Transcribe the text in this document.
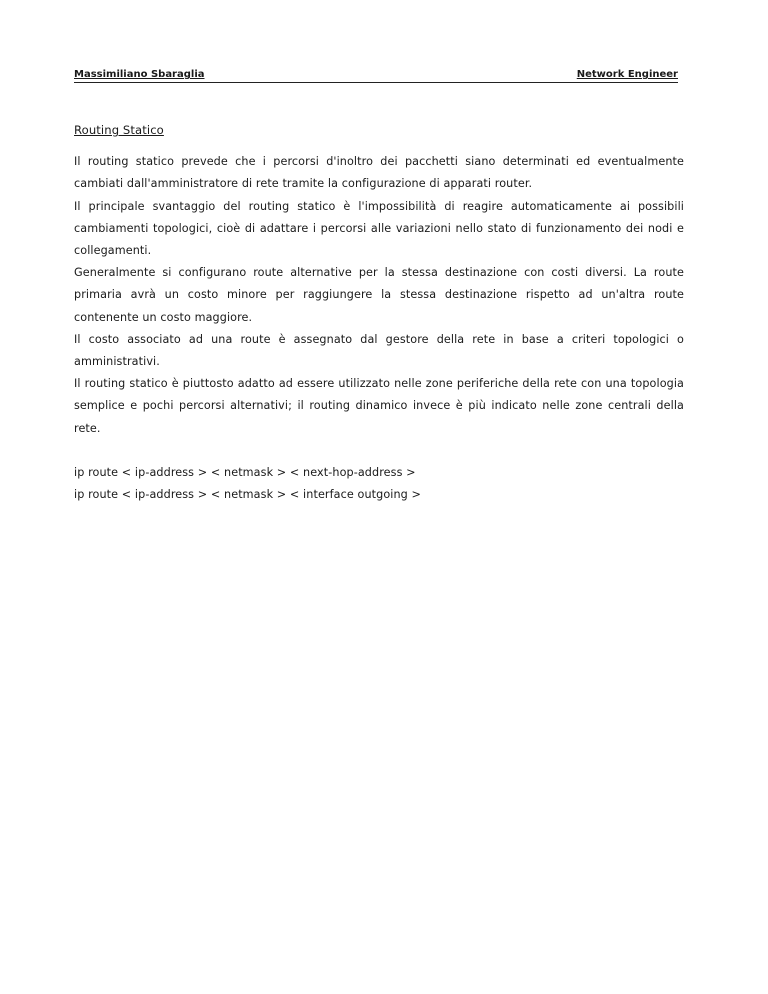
Massimiliano Sbaraglia	Network Engineer
Routing Statico

Il routing statico prevede che i percorsi d'inoltro dei pacchetti siano determinati ed eventualmente cambiati dall'amministratore di rete tramite la configurazione di apparati router.

Il principale svantaggio del routing statico è l'impossibilità di reagire automaticamente ai possibili cambiamenti topologici, cioè di adattare i percorsi alle variazioni nello stato di funzionamento dei nodi e collegamenti.

Generalmente si configurano route alternative per la stessa destinazione con costi diversi. La route primaria avrà un costo minore per raggiungere la stessa destinazione rispetto ad un'altra route contenente un costo maggiore.

Il costo associato ad una route è assegnato dal gestore della rete in base a criteri topologici o amministrativi.

Il routing statico è piuttosto adatto ad essere utilizzato nelle zone periferiche della rete con una topologia semplice e pochi percorsi alternativi; il routing dinamico invece è più indicato nelle zone centrali della rete.

ip route < ip-address > < netmask > < next-hop-address >

ip route < ip-address > < netmask > < interface outgoing >
